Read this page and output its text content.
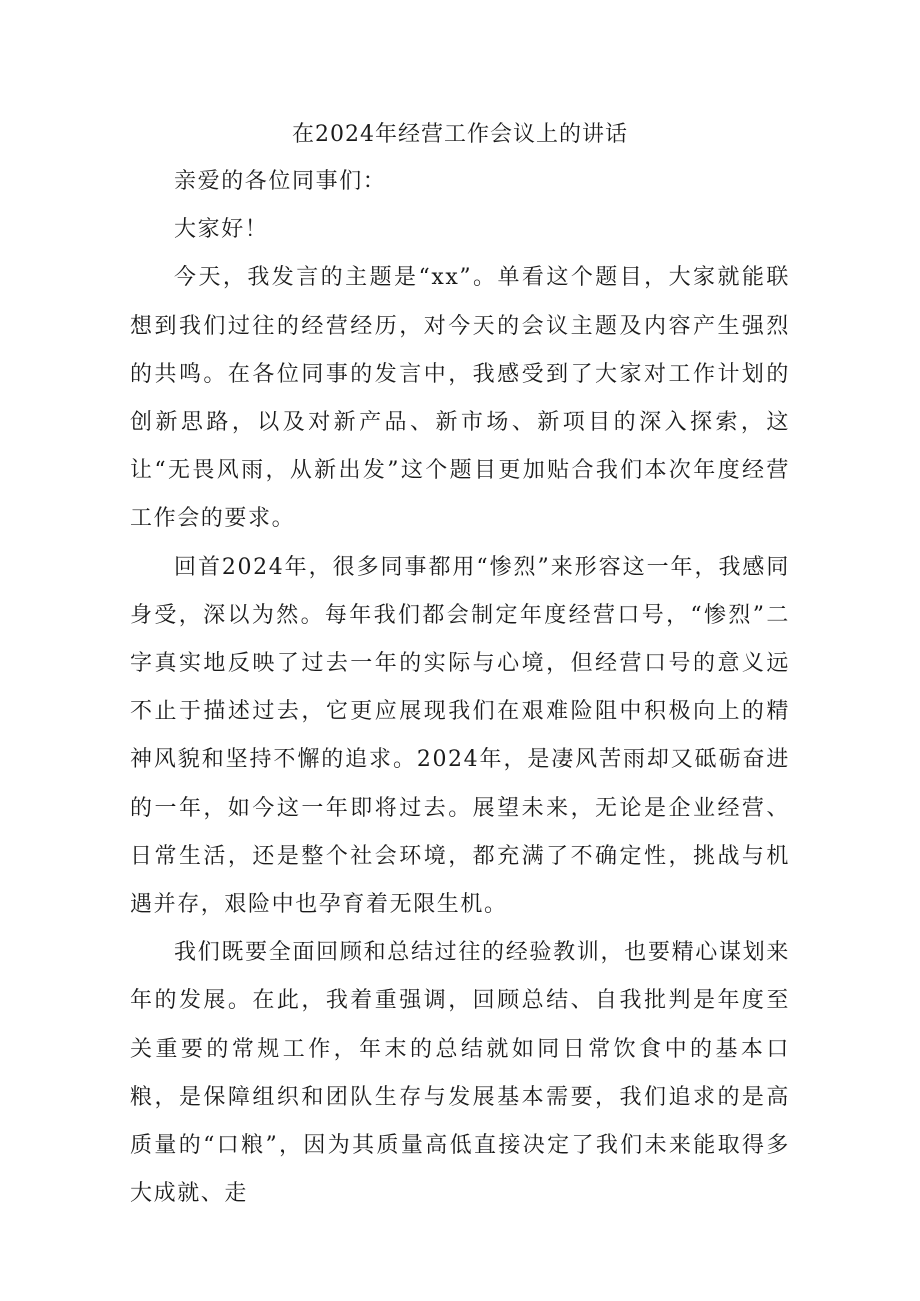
在2024年经营工作会议上的讲话

亲爱的各位同事们：

大家好！

今天，我发言的主题是“xx”。单看这个题目，大家就能联想到我们过往的经营经历，对今天的会议主题及内容产生强烈的共鸣。在各位同事的发言中，我感受到了大家对工作计划的创新思路，以及对新产品、新市场、新项目的深入探索，这让“无畏风雨，从新出发”这个题目更加贴合我们本次年度经营工作会的要求。

回首2024年，很多同事都用“惨烈”来形容这一年，我感同身受，深以为然。每年我们都会制定年度经营口号，“惨烈”二字真实地反映了过去一年的实际与心境，但经营口号的意义远不止于描述过去，它更应展现我们在艰难险阻中积极向上的精神风貌和坚持不懈的追求。2024年，是凄风苦雨却又砥砺奋进的一年，如今这一年即将过去。展望未来，无论是企业经营、日常生活，还是整个社会环境，都充满了不确定性，挑战与机遇并存，艰险中也孕育着无限生机。

我们既要全面回顾和总结过往的经验教训，也要精心谋划来年的发展。在此，我着重强调，回顾总结、自我批判是年度至关重要的常规工作，年末的总结就如同日常饮食中的基本口粮，是保障组织和团队生存与发展基本需要，我们追求的是高质量的“口粮”，因为其质量高低直接决定了我们未来能取得多大成就、走
